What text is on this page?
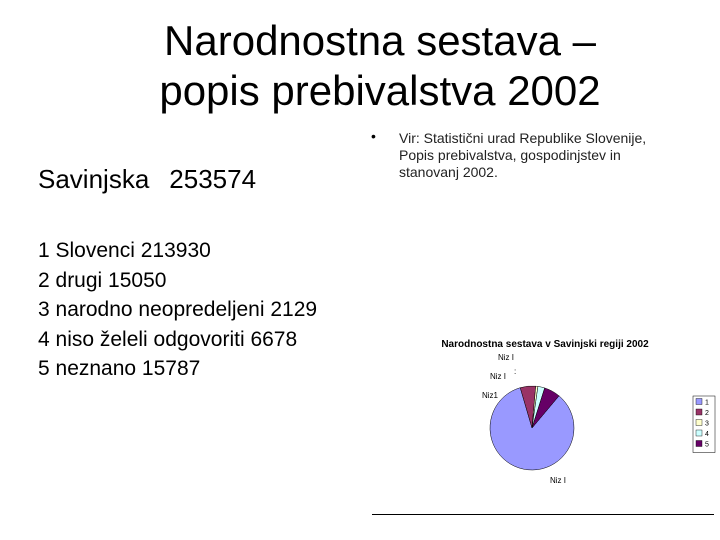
Narodnostna sestava –
popis prebivalstva 2002
Savinjska 253574
1 Slovenci 213930
2 drugi 15050
3 narodno neopredeljeni 2129
4 niso želeli odgovoriti 6678
5 neznano 15787
• Vir: Statistični urad Republike Slovenije, Popis prebivalstva, gospodinjstev in stanovanj 2002.
Narodnostna sestava v Savinjski regiji 2002
Niz I
Niz1
Niz I
:
Niz I
1
2
3
4
5
